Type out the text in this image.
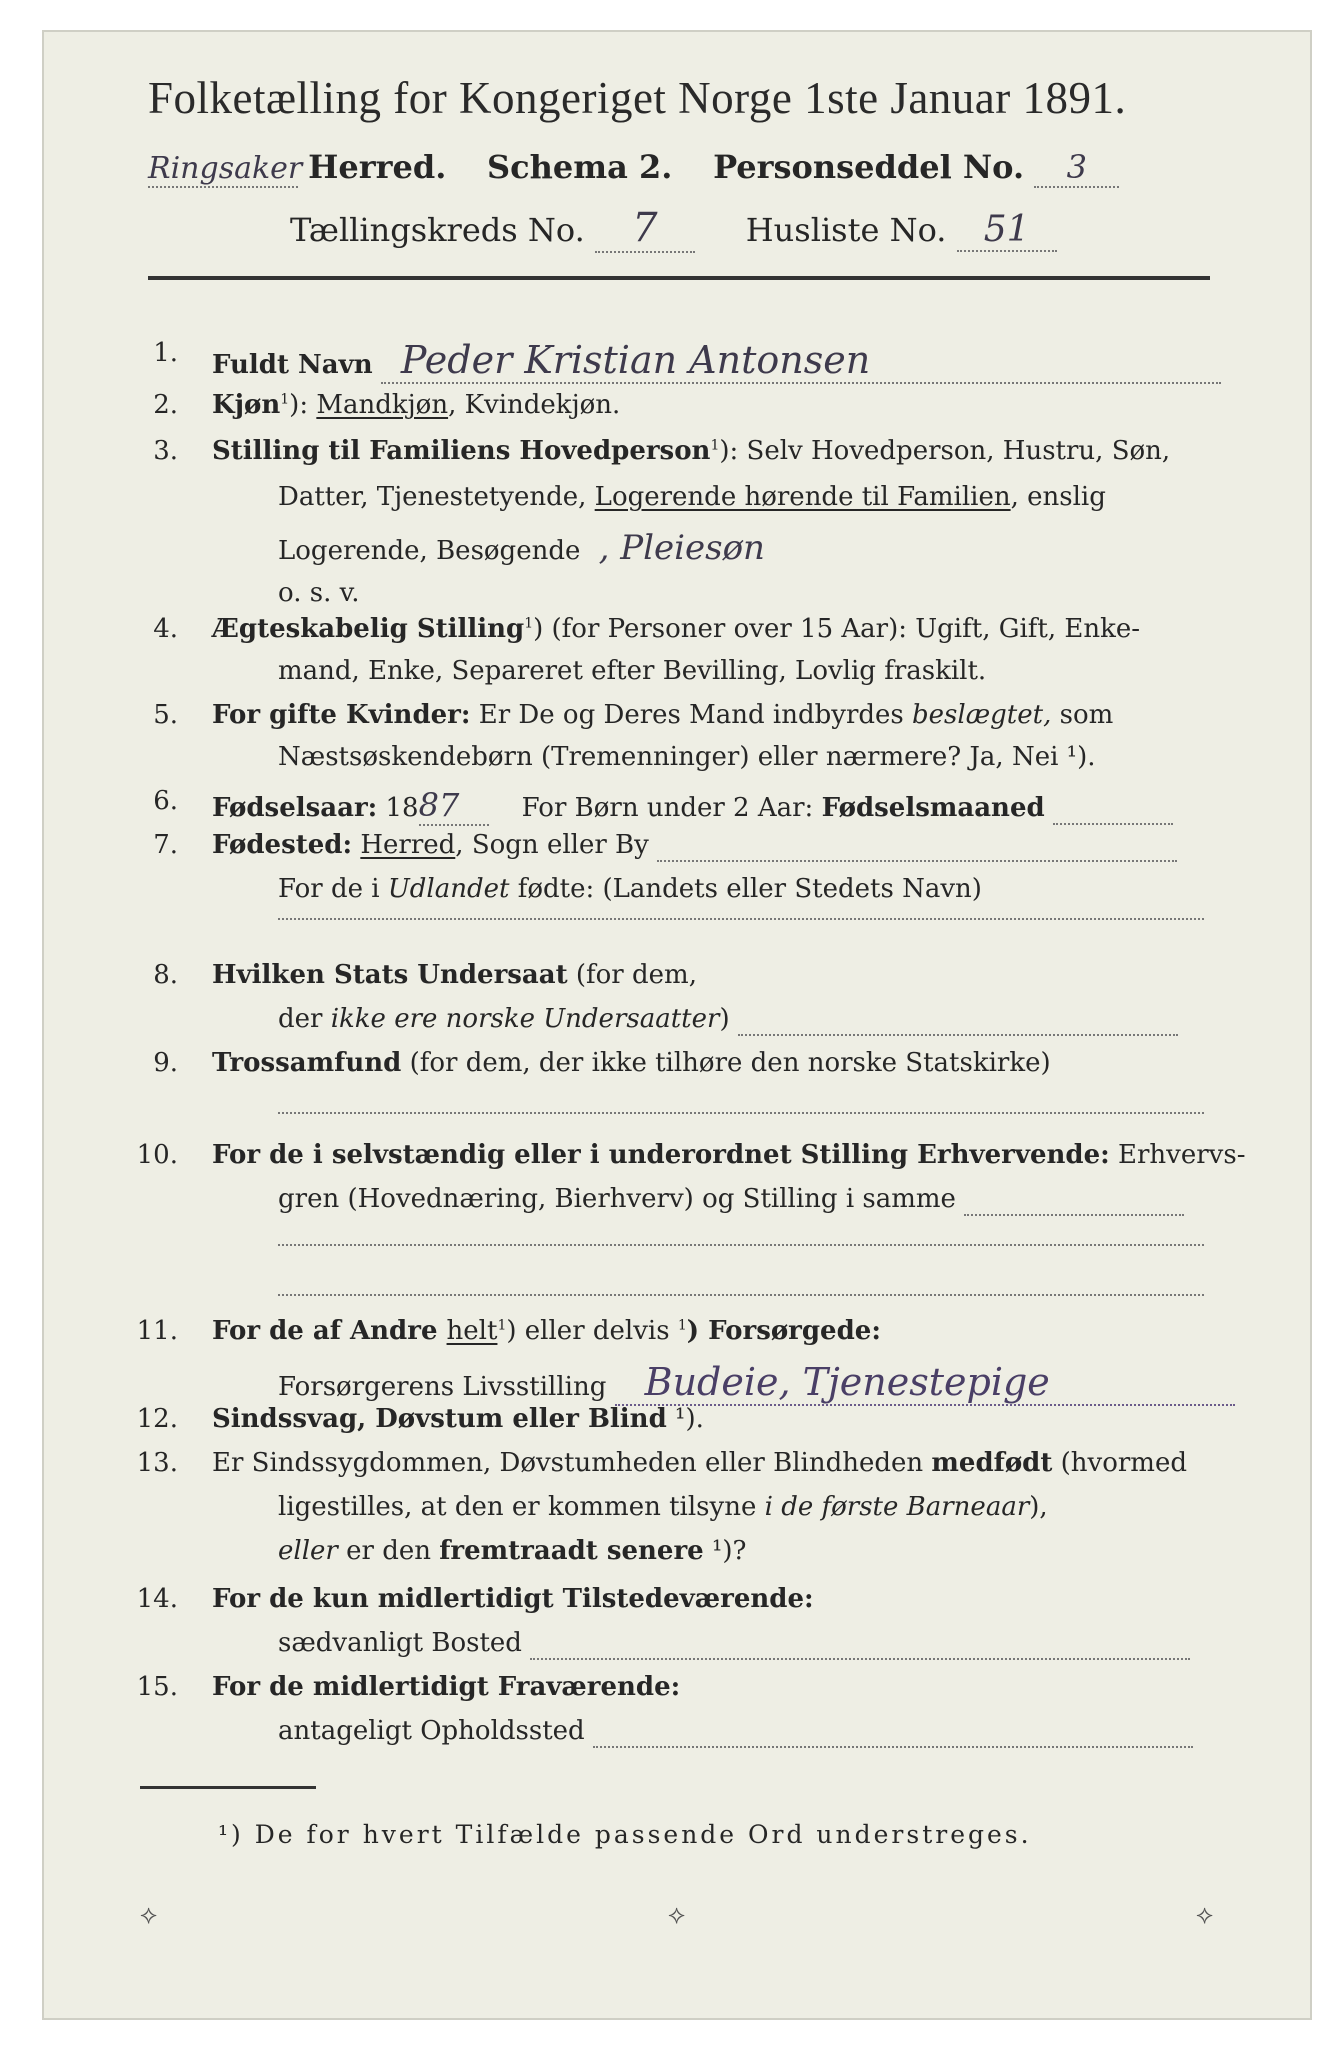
Folketælling for Kongeriget Norge 1ste Januar 1891.
Ringsaker Herred. Schema 2. Personseddel No. 3
Tællingskreds No. 7	Husliste No. 51
1. Fuldt Navn Peder Kristian Antonsen
2. Kjøn$^1$): Mandkjøn, Kvindekjøn.
3. Stilling til Familiens Hovedperson$^1$): Selv Hovedperson, Hustru, Søn,
Datter, Tjenestetyende, Logerende hørende til Familien, enslig
Logerende, Besøgende , Pleiesøn
o. s. v.
4. Ægteskabelig Stilling$^1$) (for Personer over 15 Aar): Ugift, Gift, Enke-
mand, Enke, Separeret efter Bevilling, Lovlig fraskilt.
5. For gifte Kvinder: Er De og Deres Mand indbyrdes beslægtet, som
Næstsøskendebørn (Tremenninger) eller nærmere? Ja, Nei ¹).
6. Fødselsaar: 1887 For Børn under 2 Aar: Fødselsmaaned
7. Fødested: Herred, Sogn eller By
For de i Udlandet fødte: (Landets eller Stedets Navn)
8. Hvilken Stats Undersaat (for dem,
der ikke ere norske Undersaatter)
9. Trossamfund (for dem, der ikke tilhøre den norske Statskirke)
10. For de i selvstændig eller i underordnet Stilling Erhvervende: Erhvervs-
gren (Hovednæring, Bierhverv) og Stilling i samme
11. For de af Andre helt$^1$) eller delvis $^1$) Forsørgede:
Forsørgerens Livsstilling Budeie, Tjenestepige
12. Sindssvag, Døvstum eller Blind ¹).
13. Er Sindssygdommen, Døvstumheden eller Blindheden medfødt (hvormed
ligestilles, at den er kommen tilsyne i de første Barneaar),
eller er den fremtraadt senere ¹)?
14. For de kun midlertidigt Tilstedeværende:
sædvanligt Bosted
15. For de midlertidigt Fraværende:
antageligt Opholdssted
¹) De for hvert Tilfælde passende Ord understreges.
⟡	⟡	⟡
